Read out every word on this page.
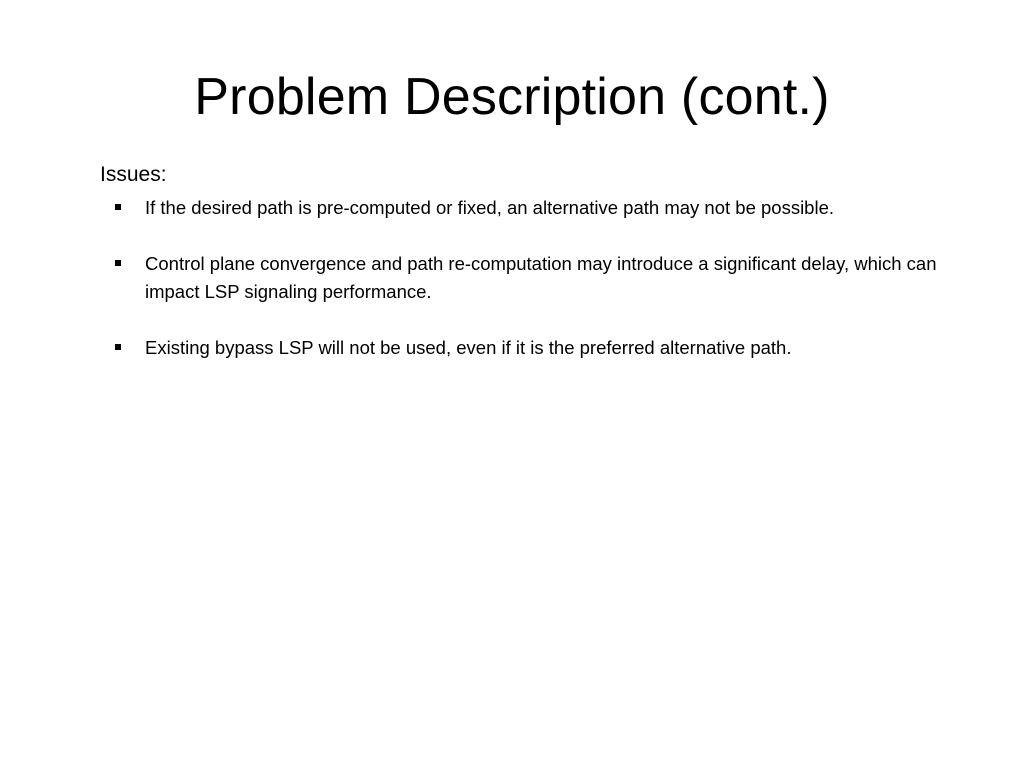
Problem Description (cont.)

Issues:

If the desired path is pre-computed or fixed, an alternative path may not be possible.
Control plane convergence and path re-computation may introduce a significant delay, which can impact LSP signaling performance.
Existing bypass LSP will not be used, even if it is the preferred alternative path.
